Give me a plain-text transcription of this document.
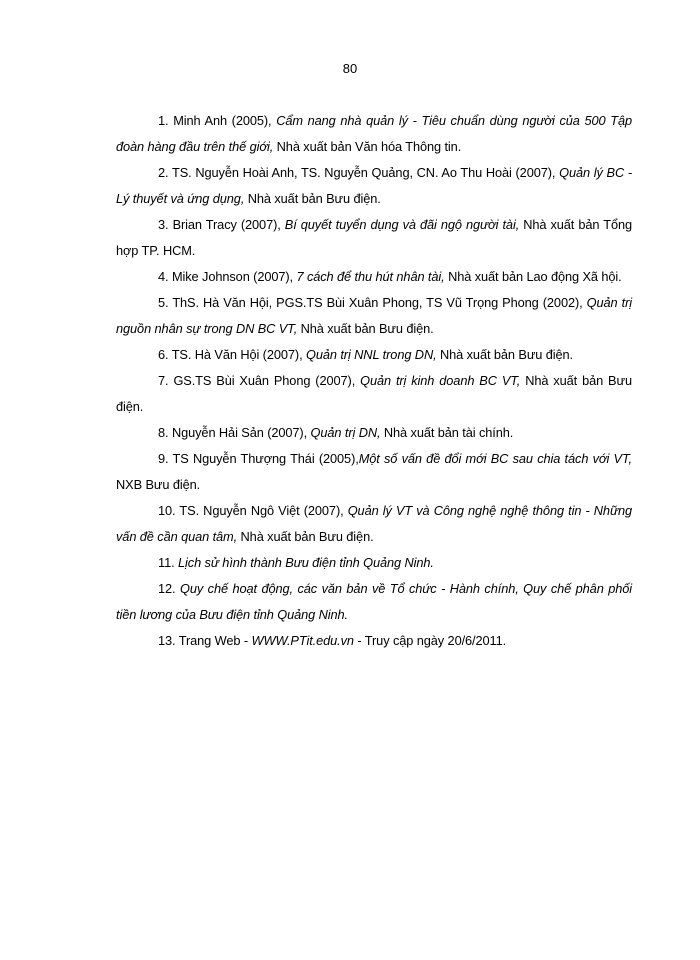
80
1. Minh Anh (2005), Cẩm nang nhà quản lý - Tiêu chuẩn dùng người của 500 Tập đoàn hàng đầu trên thế giới, Nhà xuất bản Văn hóa Thông tin.
2. TS. Nguyễn Hoài Anh, TS. Nguyễn Quảng, CN. Ao Thu Hoài (2007), Quản lý BC - Lý thuyết và ứng dụng, Nhà xuất bản Bưu điện.
3. Brian Tracy (2007), Bí quyết tuyển dụng và đãi ngộ người tài, Nhà xuất bản Tổng hợp TP. HCM.
4. Mike Johnson (2007), 7 cách để thu hút nhân tài, Nhà xuất bản Lao động Xã hội.
5. ThS. Hà Văn Hội, PGS.TS Bùi Xuân Phong, TS Vũ Trọng Phong (2002), Quản trị nguồn nhân sự trong DN BC VT, Nhà xuất bản Bưu điện.
6. TS. Hà Văn Hội (2007), Quản trị NNL trong DN, Nhà xuất bản Bưu điện.
7. GS.TS Bùi Xuân Phong (2007), Quản trị kinh doanh BC VT, Nhà xuất bản Bưu điện.
8. Nguyễn Hải Sản (2007), Quản trị DN, Nhà xuất bản tài chính.
9. TS Nguyễn Thượng Thái (2005),Một số vấn đề đổi mới BC sau chia tách với VT, NXB Bưu điện.
10. TS. Nguyễn Ngô Việt (2007), Quản lý VT và Công nghệ nghệ thông tin - Những vấn đề cần quan tâm, Nhà xuất bản Bưu điện.
11. Lịch sử hình thành Bưu điện tỉnh Quảng Ninh.
12. Quy chế hoạt động, các văn bản về Tổ chức - Hành chính, Quy chế phân phối tiền lương của Bưu điện tỉnh Quảng Ninh.
13. Trang Web - WWW.PTit.edu.vn - Truy cập ngày 20/6/2011.
